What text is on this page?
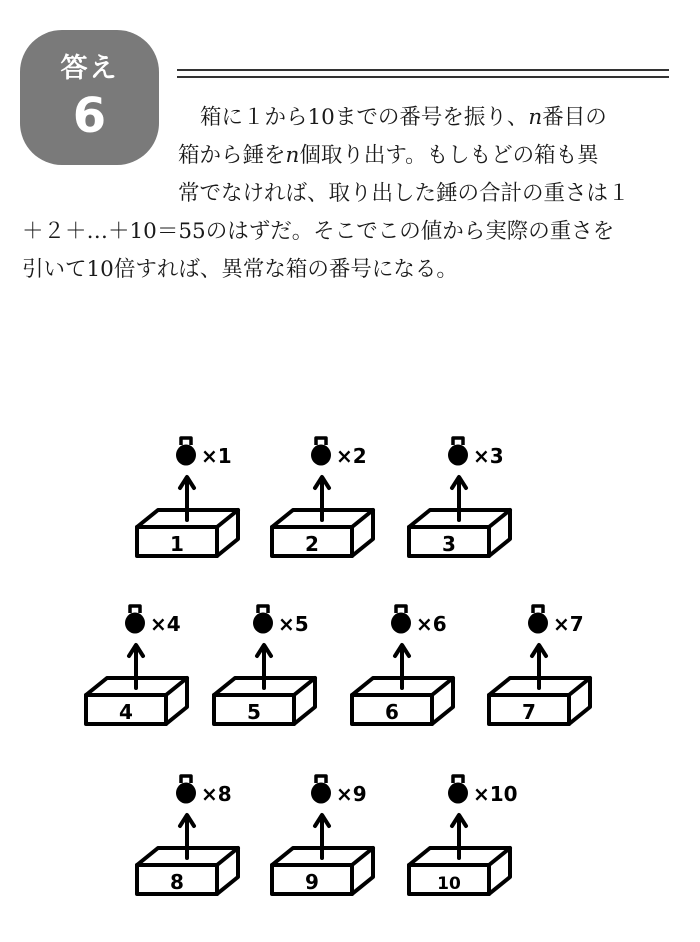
答え
6	箱に１から10までの番号を振り、n番目の

箱から錘をn個取り出す。もしもどの箱も異

常でなければ、取り出した錘の合計の重さは１

＋２＋…＋10＝55のはずだ。そこでこの値から実際の重さを

引いて10倍すれば、異常な箱の番号になる。

1
×1
2
×2
3
×3
4
×4
5
×5
6
×6
7
×7
8
×8
9
×9
10
×10
